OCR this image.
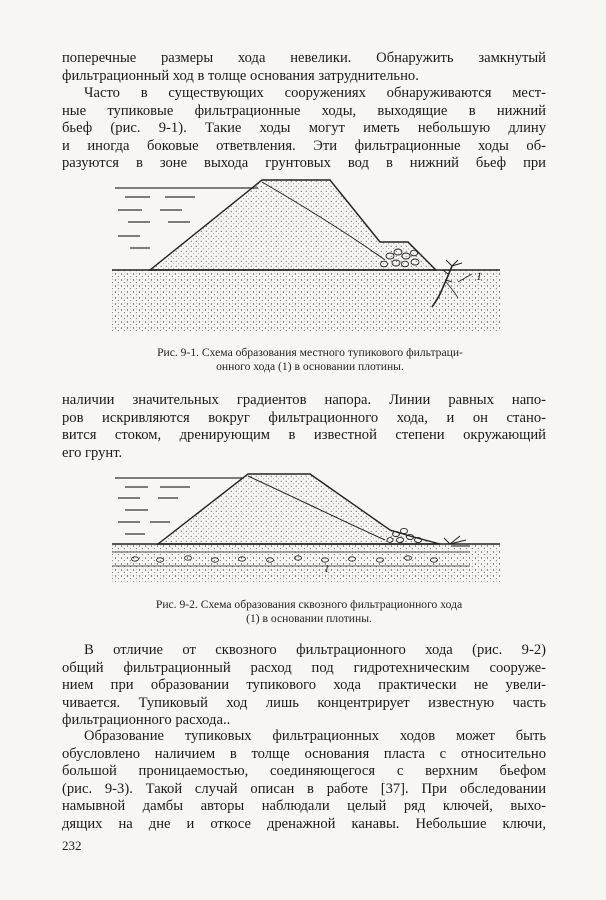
поперечные размеры хода невелики. Обнаружить замкнутый
фильтрационный ход в толще основания затруднительно.
Часто в существующих сооружениях обнаруживаются мест-
ные тупиковые фильтрационные ходы, выходящие в нижний
бьеф (рис. 9-1). Такие ходы могут иметь небольшую длину
и иногда боковые ответвления. Эти фильтрационные ходы об-
разуются в зоне выхода грунтовых вод в нижний бьеф при
1
Рис. 9-1. Схема образования местного тупикового фильтраци-
онного хода (1) в основании плотины.
наличии значительных градиентов напора. Линии равных напо-
ров искривляются вокруг фильтрационного хода, и он стано-
вится стоком, дренирующим в известной степени окружающий
его грунт.
1
Рис. 9-2. Схема образования сквозного фильтрационного хода
(1) в основании плотины.
В отличие от сквозного фильтрационного хода (рис. 9-2)
общий фильтрационный расход под гидротехническим сооруже-
нием при образовании тупикового хода практически не увели-
чивается. Тупиковый ход лишь концентрирует известную часть
фильтрационного расхода..
Образование тупиковых фильтрационных ходов может быть
обусловлено наличием в толще основания пласта с относительно
большой проницаемостью, соединяющегося с верхним бьефом
(рис. 9-3). Такой случай описан в работе [37]. При обследовании
намывной дамбы авторы наблюдали целый ряд ключей, выхо-
дящих на дне и откосе дренажной канавы. Небольшие ключи,
232
